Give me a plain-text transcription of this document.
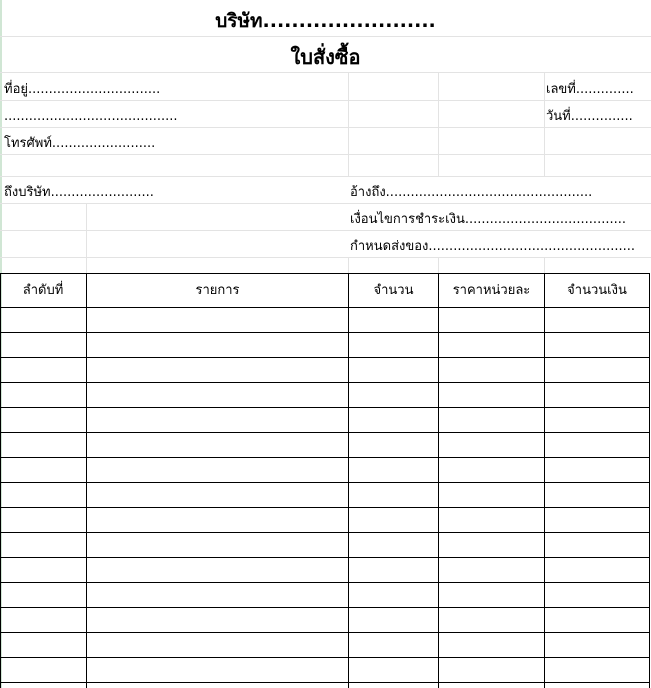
บริษัท........................
ใบสั่งซื้อ
ที่อยู่................................
..........................................
โทรศัพท์.........................
เลขที่..............
วันที่...............
ถึงบริษัท.........................	อ้างถึง..................................................
เงื่อนไขการชำระเงิน.......................................
กำหนดส่งของ..................................................
ลำดับที่	รายการ	จำนวน	ราคาหน่วยละ	จำนวนเงิน
